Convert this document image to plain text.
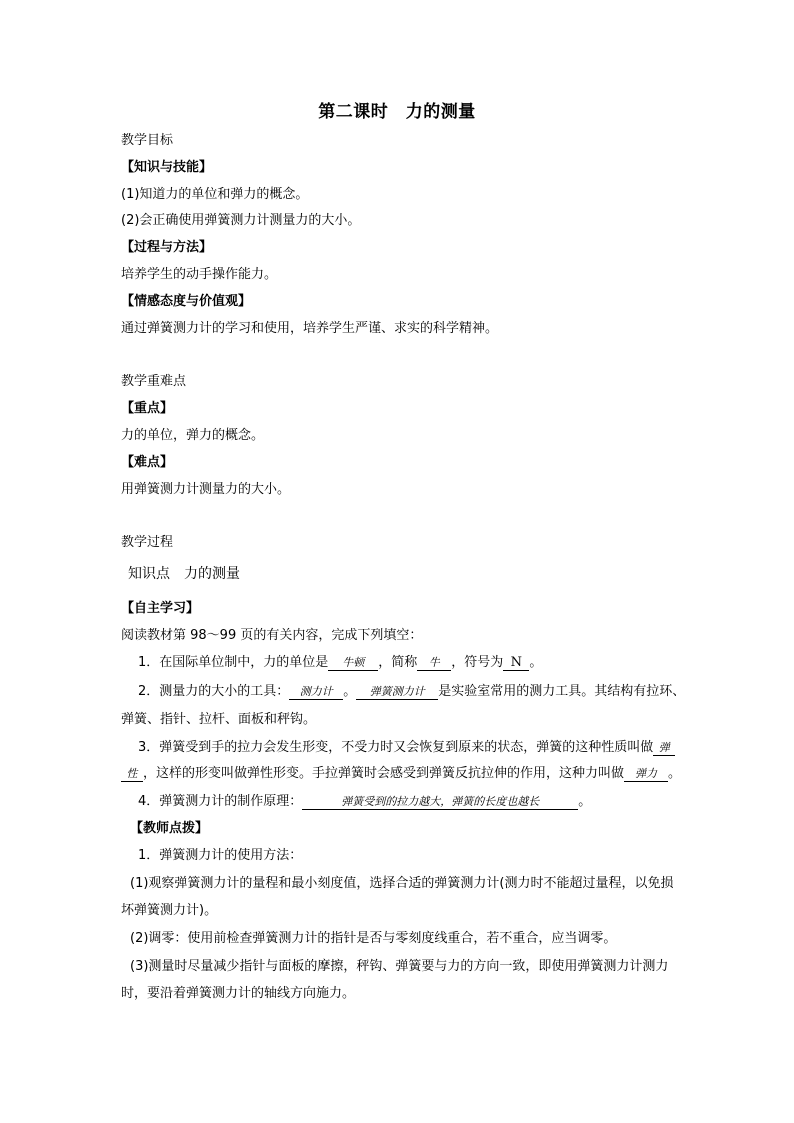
第二课时　力的测量
教学目标
【知识与技能】
(1)知道力的单位和弹力的概念。
(2)会正确使用弹簧测力计测量力的大小。
【过程与方法】
培养学生的动手操作能力。
【情感态度与价值观】
通过弹簧测力计的学习和使用，培养学生严谨、求实的科学精神。
教学重难点
【重点】
力的单位，弹力的概念。
【难点】
用弹簧测力计测量力的大小。
教学过程
知识点　力的测量
【自主学习】
阅读教材第 98～99 页的有关内容，完成下列填空：
1．在国际单位制中，力的单位是 牛顿 ，简称 牛 ，符号为 N 。
2．测量力的大小的工具： 测力计 。 弹簧测力计 是实验室常用的测力工具。其结构有拉环、
弹簧、指针、拉杆、面板和秤钩。
3．弹簧受到手的拉力会发生形变，不受力时又会恢复到原来的状态，弹簧的这种性质叫做 弹
性 ，这样的形变叫做弹性形变。手拉弹簧时会感受到弹簧反抗拉伸的作用，这种力叫做 弹力 。
4．弹簧测力计的制作原理：	弹簧受到的拉力越大，弹簧的长度也越长	。
【教师点拨】
1．弹簧测力计的使用方法：
(1)观察弹簧测力计的量程和最小刻度值，选择合适的弹簧测力计(测力时不能超过量程，以免损
坏弹簧测力计)。
(2)调零：使用前检查弹簧测力计的指针是否与零刻度线重合，若不重合，应当调零。
(3)测量时尽量减少指针与面板的摩擦，秤钩、弹簧要与力的方向一致，即使用弹簧测力计测力
时，要沿着弹簧测力计的轴线方向施力。
